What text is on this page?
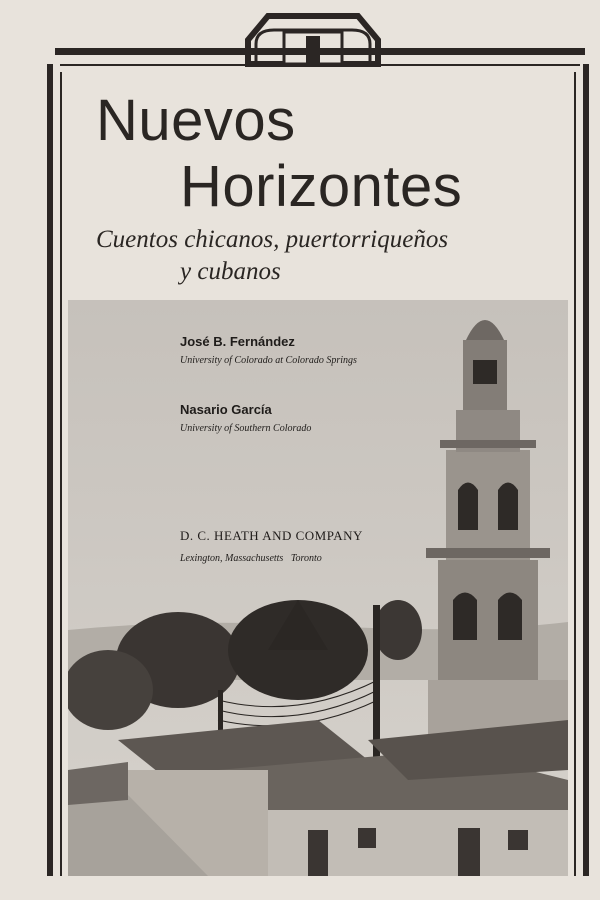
Nuevos
Horizontes
Cuentos chicanos, puertorriqueños
y cubanos
José B. Fernández
University of Colorado at Colorado Springs
Nasario García
University of Southern Colorado
D. C. HEATH AND COMPANY
Lexington, Massachusetts   Toronto
